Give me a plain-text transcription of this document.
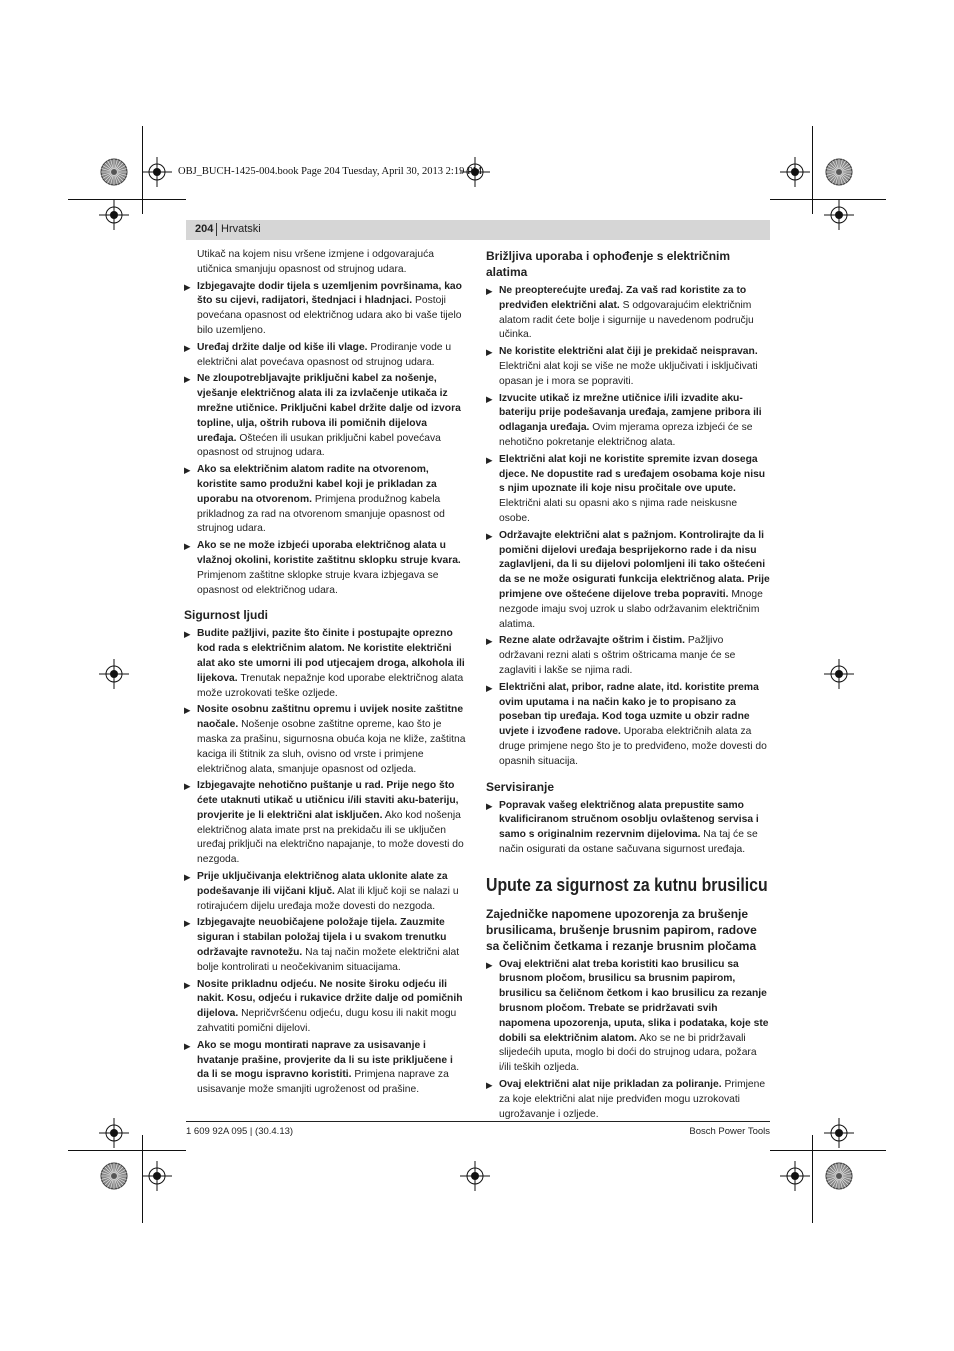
OBJ_BUCH-1425-004.book Page 204 Tuesday, April 30, 2013 2:19 PM
204 Hrvatski

Utikač na kojem nisu vršene izmjene i odgovarajuća utičnica smanjuju opasnost od strujnog udara.

▶ Izbjegavajte dodir tijela s uzemljenim površinama, kao što su cijevi, radijatori, štednjaci i hladnjaci. Postoji povećana opasnost od električnog udara ako bi vaše tijelo bilo uzemljeno.
▶ Uređaj držite dalje od kiše ili vlage. Prodiranje vode u električni alat povećava opasnost od strujnog udara.
▶ Ne zloupotrebljavajte priključni kabel za nošenje, vješanje električnog alata ili za izvlačenje utikača iz mrežne utičnice. Priključni kabel držite dalje od izvora topline, ulja, oštrih rubova ili pomičnih dijelova uređaja. Oštećen ili usukan priključni kabel povećava opasnost od strujnog udara.
▶ Ako sa električnim alatom radite na otvorenom, koristite samo produžni kabel koji je prikladan za uporabu na otvorenom. Primjena produžnog kabela prikladnog za rad na otvorenom smanjuje opasnost od strujnog udara.
▶ Ako se ne može izbjeći uporaba električnog alata u vlažnoj okolini, koristite zaštitnu sklopku struje kvara. Primjenom zaštitne sklopke struje kvara izbjegava se opasnost od električnog udara.
Sigurnost ljudi
▶ Budite pažljivi, pazite što činite i postupajte oprezno kod rada s električnim alatom. Ne koristite električni alat ako ste umorni ili pod utjecajem droga, alkohola ili lijekova. Trenutak nepažnje kod uporabe električnog alata može uzrokovati teške ozljede.
▶ Nosite osobnu zaštitnu opremu i uvijek nosite zaštitne naočale. Nošenje osobne zaštitne opreme, kao što je maska za prašinu, sigurnosna obuća koja ne kliže, zaštitna kaciga ili štitnik za sluh, ovisno od vrste i primjene električnog alata, smanjuje opasnost od ozljeda.
▶ Izbjegavajte nehotično puštanje u rad. Prije nego što ćete utaknuti utikač u utičnicu i/ili staviti aku-bateriju, provjerite je li električni alat isključen. Ako kod nošenja električnog alata imate prst na prekidaču ili se uključen uređaj priključi na električno napajanje, to može dovesti do nezgoda.
▶ Prije uključivanja električnog alata uklonite alate za podešavanje ili vijčani ključ. Alat ili ključ koji se nalazi u rotirajućem dijelu uređaja može dovesti do nezgoda.
▶ Izbjegavajte neuobičajene položaje tijela. Zauzmite siguran i stabilan položaj tijela i u svakom trenutku održavajte ravnotežu. Na taj način možete električni alat bolje kontrolirati u neočekivanim situacijama.
▶ Nosite prikladnu odjeću. Ne nosite široku odjeću ili nakit. Kosu, odjeću i rukavice držite dalje od pomičnih dijelova. Nepričvršćenu odjeću, dugu kosu ili nakit mogu zahvatiti pomični dijelovi.
▶ Ako se mogu montirati naprave za usisavanje i hvatanje prašine, provjerite da li su iste priključene i da li se mogu ispravno koristiti. Primjena naprave za usisavanje može smanjiti ugroženost od prašine.
Brižljiva uporaba i ophođenje s električnim alatima
▶ Ne preopterećujte uređaj. Za vaš rad koristite za to predviđen električni alat. S odgovarajućim električnim alatom radit ćete bolje i sigurnije u navedenom području učinka.
▶ Ne koristite električni alat čiji je prekidač neispravan. Električni alat koji se više ne može uključivati i isključivati opasan je i mora se popraviti.
▶ Izvucite utikač iz mrežne utičnice i/ili izvadite aku-bateriju prije podešavanja uređaja, zamjene pribora ili odlaganja uređaja. Ovim mjerama opreza izbjeći će se nehotično pokretanje električnog alata.
▶ Električni alat koji ne koristite spremite izvan dosega djece. Ne dopustite rad s uređajem osobama koje nisu s njim upoznate ili koje nisu pročitale ove upute. Električni alati su opasni ako s njima rade neiskusne osobe.
▶ Održavajte električni alat s pažnjom. Kontrolirajte da li pomični dijelovi uređaja besprijekorno rade i da nisu zaglavljeni, da li su dijelovi polomljeni ili tako oštećeni da se ne može osigurati funkcija električnog alata. Prije primjene ove oštećene dijelove treba popraviti. Mnoge nezgode imaju svoj uzrok u slabo održavanim električnim alatima.
▶ Rezne alate održavajte oštrim i čistim. Pažljivo održavani rezni alati s oštrim oštricama manje će se zaglaviti i lakše se njima radi.
▶ Električni alat, pribor, radne alate, itd. koristite prema ovim uputama i na način kako je to propisano za poseban tip uređaja. Kod toga uzmite u obzir radne uvjete i izvođene radove. Uporaba električnih alata za druge primjene nego što je to predviđeno, može dovesti do opasnih situacija.
Servisiranje
▶ Popravak vašeg električnog alata prepustite samo kvalificiranom stručnom osoblju ovlaštenog servisa i samo s originalnim rezervnim dijelovima. Na taj će se način osigurati da ostane sačuvana sigurnost uređaja.
Upute za sigurnost za kutnu brusilicu
Zajedničke napomene upozorenja za brušenje brusilicama, brušenje brusnim papirom, radove sa čeličnim četkama i rezanje brusnim pločama
▶ Ovaj električni alat treba koristiti kao brusilicu sa brusnom pločom, brusilicu sa brusnim papirom, brusilicu sa čeličnom četkom i kao brusilicu za rezanje brusnom pločom. Trebate se pridržavati svih napomena upozorenja, uputa, slika i podataka, koje ste dobili sa električnim alatom. Ako se ne bi pridržavali slijedećih uputa, moglo bi doći do strujnog udara, požara i/ili teških ozljeda.
▶ Ovaj električni alat nije prikladan za poliranje. Primjene za koje električni alat nije predviđen mogu uzrokovati ugrožavanje i ozljede.
1 609 92A 095 | (30.4.13)	Bosch Power Tools
